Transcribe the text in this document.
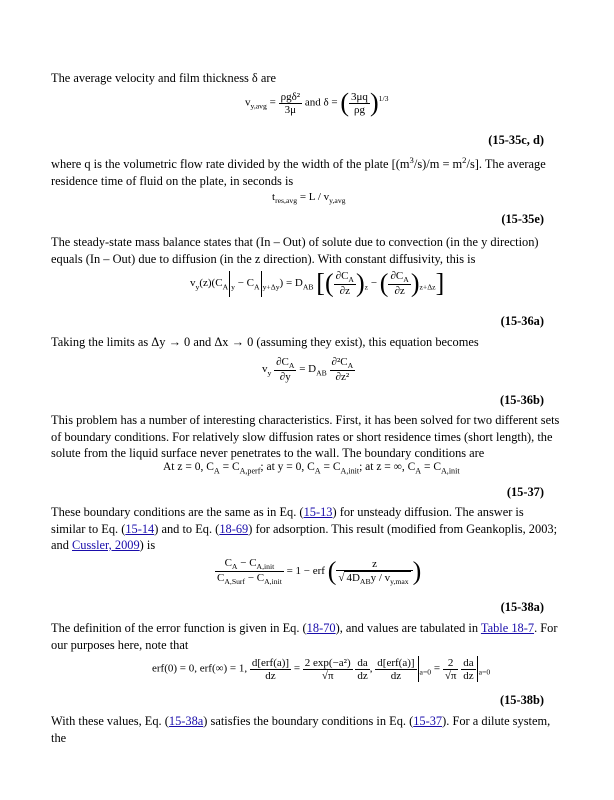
The average velocity and film thickness δ are

$v_{y,avg} = \frac{\text{ρgδ²}}{3\mu}$ and δ = ( $\frac{3\mu q}{\rho g} )^{1/3}$
(15-35c, d)

where q is the volumetric flow rate divided by the width of the plate $[(m^3/s)/m = m^2/s]$. The average residence time of fluid on the plate, in seconds is

$t_{res,avg} = L / v_{y,avg}$
(15-35e)

The steady-state mass balance states that (In – Out) of solute due to convection (in the y direction) equals (In – Out) due to diffusion (in the z direction). With constant diffusivity, this is

$v_y(z)(C_A$ $_y - C_A$ $_{y+\Delta y}) = D_{AB}$ [( $\frac{\partial C_A}{\partial z} )_z$ − ( $\frac{\partial C_A}{\partial z} )_{z+\Delta z}$]
(15-36a)

Taking the limits as Δy → 0 and Δx → 0 (assuming they exist), this equation becomes

$v_y \frac{\partial C_A}{\partial y} = D_{AB} \frac{\partial^2C_A}{\text{∂z²}}$
(15-36b)

This problem has a number of interesting characteristics. First, it has been solved for two different sets of boundary conditions. For relatively slow diffusion rates or short residence times (short length), the solute from the liquid surface never penetrates to the wall. The boundary conditions are

At z = 0, $C_A = C_{A,perf}$; at y = 0, $C_A = C_{A,init}$; at z = ∞, $C_A = C_{A,init}$
(15-37)

These boundary conditions are the same as in Eq. (15-13) for unsteady diffusion. The answer is similar to Eq. (15-14) and to Eq. (18-69) for adsorption. This result (modified from Geankoplis, 2003; and Cussler, 2009) is

$\frac{C_A - C_{A,init}}{C_{A,Surf} - C_{A,init}} = 1$ − erf ( $\frac{z}{√ 4D_{AB}y / v_{y,max}}$ )
(15-38a)

The definition of the error function is given in Eq. (18-70), and values are tabulated in Table 18-7. For our purposes here, note that

erf(0) = 0, erf(∞) = 1, $\frac{\text{d[erf(a)]}}{dz} = \frac{\text{2 exp(−a²)}}{√\pi}$
$\frac{da}{dz}$ , $\frac{\text{d[erf(a)]}}{dz} _{a=0} = \frac{2}{√\pi}$
$\frac{da}{dz} _{a=0}$
(15-38b)

With these values, Eq. (15-38a) satisfies the boundary conditions in Eq. (15-37). For a dilute system, the
